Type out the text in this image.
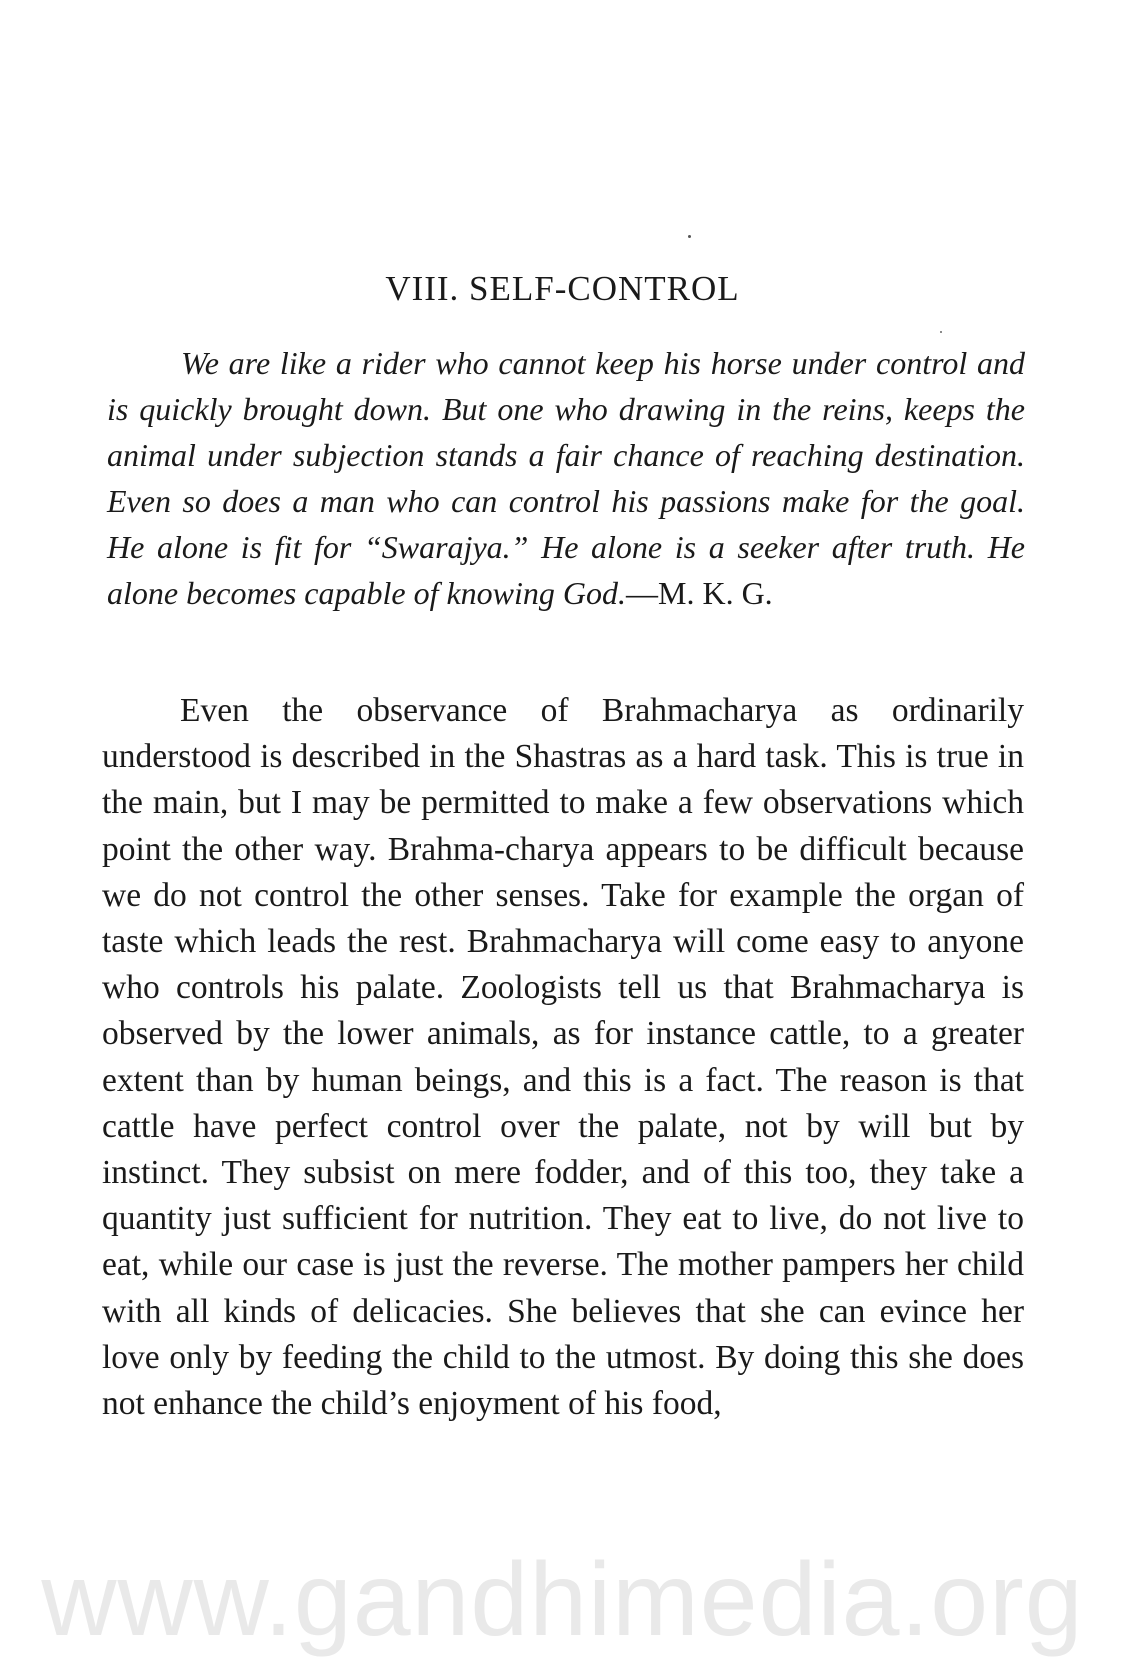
VIII. SELF-CONTROL

We are like a rider who cannot keep his horse under control and is quickly brought down. But one who drawing in the reins, keeps the animal under subjection stands a fair chance of reaching destination. Even so does a man who can control his passions make for the goal. He alone is fit for “Swarajya.” He alone is a seeker after truth. He alone becomes capable of knowing God.—M. K. G.

Even the observance of Brahmacharya as ordinarily understood is described in the Shastras as a hard task. This is true in the main, but I may be permitted to make a few observations which point the other way. Brahma-charya appears to be difficult because we do not control the other senses. Take for example the organ of taste which leads the rest. Brahmacharya will come easy to anyone who controls his palate. Zoologists tell us that Brahmacharya is observed by the lower animals, as for instance cattle, to a greater extent than by human beings, and this is a fact. The reason is that cattle have perfect control over the palate, not by will but by instinct. They subsist on mere fodder, and of this too, they take a quantity just sufficient for nutrition. They eat to live, do not live to eat, while our case is just the reverse. The mother pampers her child with all kinds of delicacies. She believes that she can evince her love only by feeding the child to the utmost. By doing this she does not enhance the child’s enjoyment of his food,

www.gandhimedia.org
